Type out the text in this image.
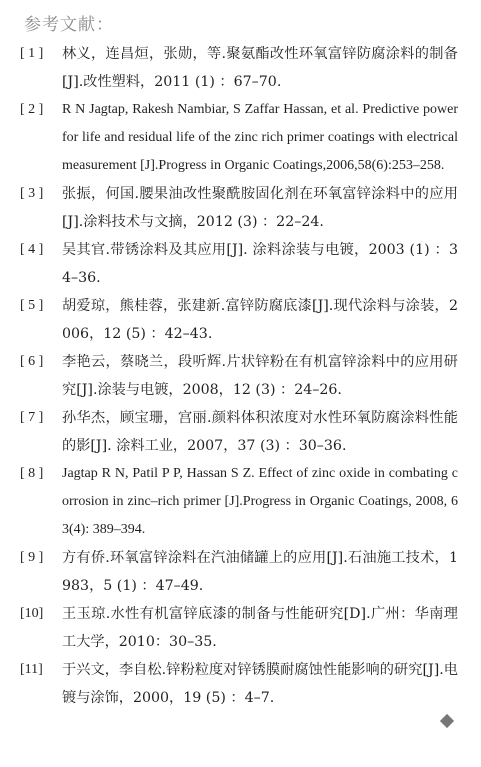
参考文献：
[ 1 ] 林义，连昌烜，张勋，等.聚氨酯改性环氧富锌防腐涂料的制备[J].改性塑料，2011 (1) ：67–70.
[ 2 ] R N Jagtap, Rakesh Nambiar, S Zaffar Hassan, et al. Predictive power for life and residual life of the zinc rich primer coatings with electrical measurement [J].Progress in Organic Coatings,2006,58(6):253–258.
[ 3 ] 张振，何国.腰果油改性聚酰胺固化剂在环氧富锌涂料中的应用[J].涂料技术与文摘，2012 (3) ：22–24.
[ 4 ] 吴其官.带锈涂料及其应用[J]. 涂料涂装与电镀，2003 (1) ：34–36.
[ 5 ] 胡爱琼，熊桂蓉，张建新.富锌防腐底漆[J].现代涂料与涂装，2006，12 (5) ：42–43.
[ 6 ] 李艳云，蔡晓兰，段听辉.片状锌粉在有机富锌涂料中的应用研究[J].涂装与电镀，2008，12 (3) ：24–26.
[ 7 ] 孙华杰，顾宝珊，宫丽.颜料体积浓度对水性环氧防腐涂料性能的影[J]. 涂料工业，2007，37 (3) ：30–36.
[ 8 ] Jagtap R N, Patil P P, Hassan S Z. Effect of zinc oxide in combating corrosion in zinc–rich primer [J].Progress in Organic Coatings, 2008, 63(4): 389–394.
[ 9 ] 方有侨.环氧富锌涂料在汽油储罐上的应用[J].石油施工技术，1983，5 (1) ：47–49.
[10] 王玉琼.水性有机富锌底漆的制备与性能研究[D].广州：华南理工大学，2010：30–35.
[11] 于兴文，李自松.锌粉粒度对锌锈膜耐腐蚀性能影响的研究[J].电镀与涂饰，2000，19 (5) ：4–7.
